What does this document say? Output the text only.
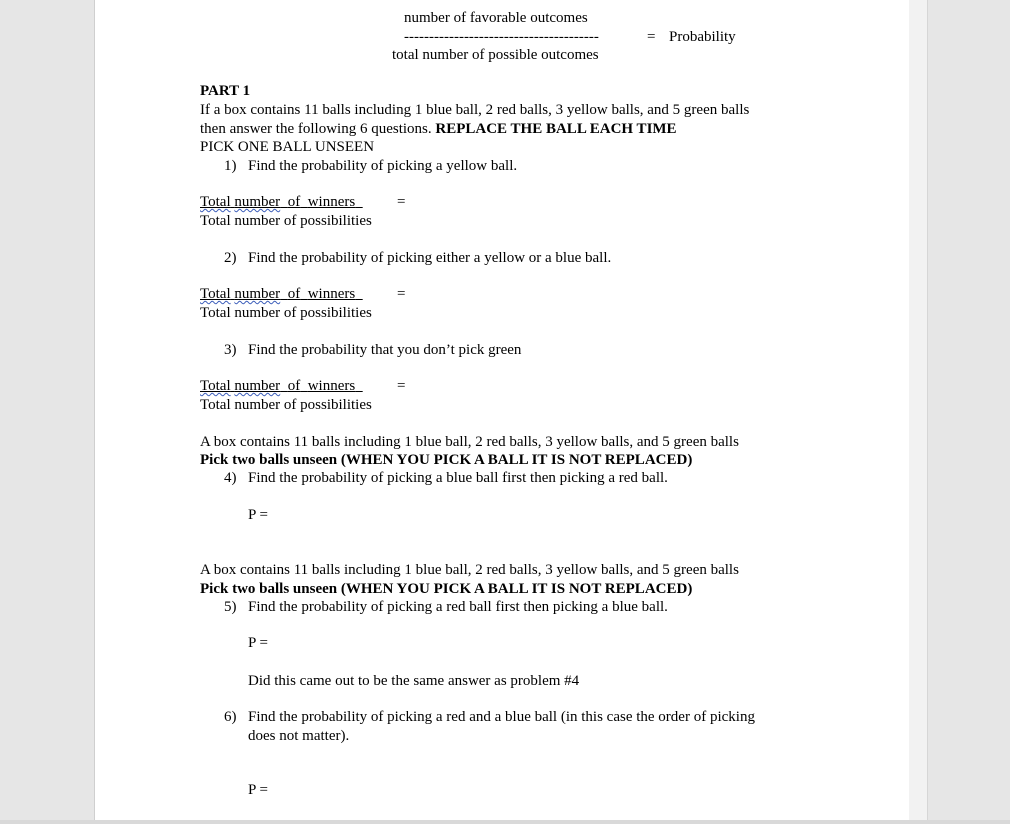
number of favorable outcomes
---------------------------------------	= Probability
total number of possible outcomes
PART 1
If a box contains 11 balls including 1 blue ball, 2 red balls, 3 yellow balls, and 5 green balls
then answer the following 6 questions. REPLACE THE BALL EACH TIME
PICK ONE BALL UNSEEN
1) Find the probability of picking a yellow ball.
Total number of winners	=
Total number of possibilities
2) Find the probability of picking either a yellow or a blue ball.
Total number of winners	=
Total number of possibilities
3) Find the probability that you don’t pick green
Total number of winners	=
Total number of possibilities
A box contains 11 balls including 1 blue ball, 2 red balls, 3 yellow balls, and 5 green balls
Pick two balls unseen (WHEN YOU PICK A BALL IT IS NOT REPLACED)
4) Find the probability of picking a blue ball first then picking a red ball.
P =
A box contains 11 balls including 1 blue ball, 2 red balls, 3 yellow balls, and 5 green balls
Pick two balls unseen (WHEN YOU PICK A BALL IT IS NOT REPLACED)
5) Find the probability of picking a red ball first then picking a blue ball.
P =
Did this came out to be the same answer as problem #4
6) Find the probability of picking a red and a blue ball (in this case the order of picking
does not matter).
P =
